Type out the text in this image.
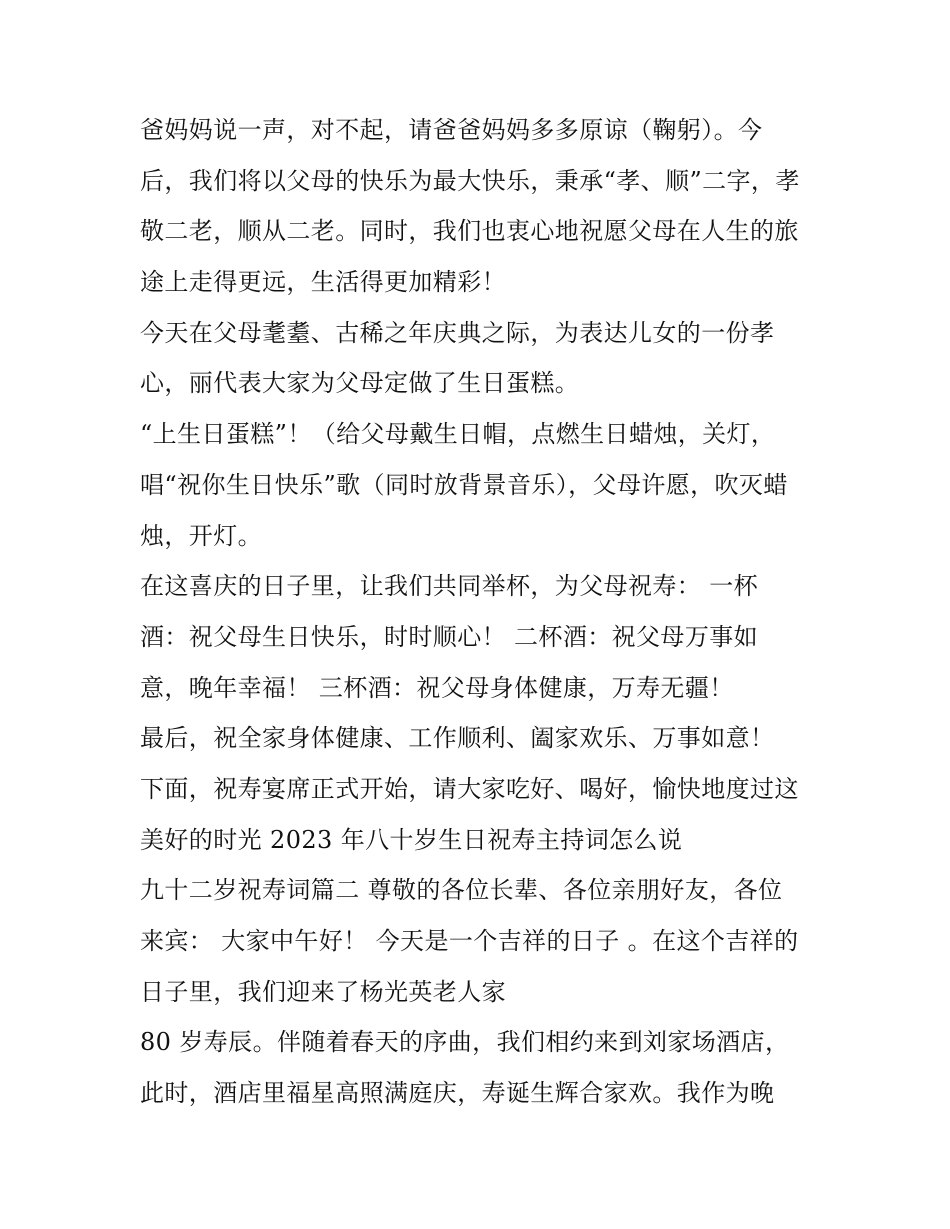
爸妈妈说一声，对不起，请爸爸妈妈多多原谅（鞠躬）。今
后，我们将以父母的快乐为最大快乐，秉承“孝、顺”二字，孝
敬二老，顺从二老。同时，我们也衷心地祝愿父母在人生的旅
途上走得更远，生活得更加精彩！
今天在父母耄耋、古稀之年庆典之际，为表达儿女的一份孝
心，丽代表大家为父母定做了生日蛋糕。
“上生日蛋糕”！（给父母戴生日帽，点燃生日蜡烛，关灯，
唱“祝你生日快乐”歌（同时放背景音乐），父母许愿，吹灭蜡
烛，开灯。
在这喜庆的日子里，让我们共同举杯，为父母祝寿： 一杯
酒：祝父母生日快乐，时时顺心！ 二杯酒：祝父母万事如
意，晚年幸福！ 三杯酒：祝父母身体健康，万寿无疆！
最后，祝全家身体健康、工作顺利、阖家欢乐、万事如意！
下面，祝寿宴席正式开始，请大家吃好、喝好，愉快地度过这
美好的时光 2023 年八十岁生日祝寿主持词怎么说
九十二岁祝寿词篇二 尊敬的各位长辈、各位亲朋好友，各位
来宾： 大家中午好！ 今天是一个吉祥的日子 。在这个吉祥的
日子里，我们迎来了杨光英老人家
80 岁寿辰。伴随着春天的序曲，我们相约来到刘家场酒店，
此时，酒店里福星高照满庭庆，寿诞生辉合家欢。我作为晚
